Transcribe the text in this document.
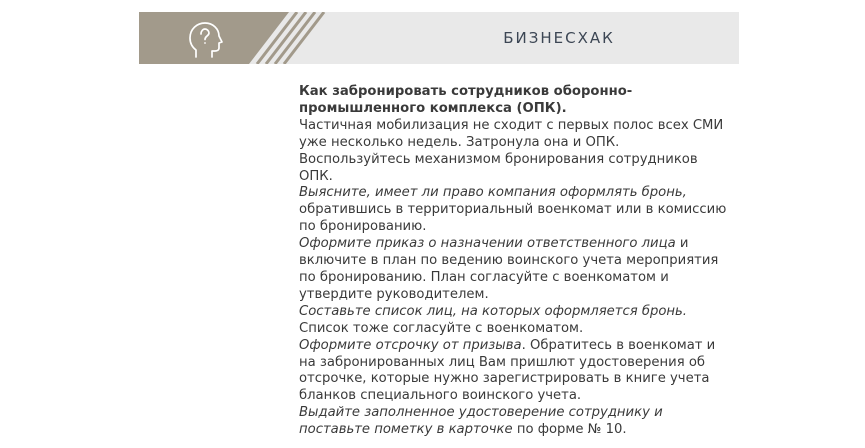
БИЗНЕСХАК

Как забронировать сотрудников оборонно-промышленного комплекса (ОПК).

Частичная мобилизация не сходит с первых полос всех СМИ уже несколько недель. Затронула она и ОПК. Воспользуйтесь механизмом бронирования сотрудников ОПК.

Выясните, имеет ли право компания оформлять бронь, обратившись в территориальный военкомат или в комиссию по бронированию.

Оформите приказ о назначении ответственного лица и включите в план по ведению воинского учета мероприятия по бронированию. План согласуйте с военкоматом и утвердите руководителем.

Составьте список лиц, на которых оформляется бронь. Список тоже согласуйте с военкоматом.

Оформите отсрочку от призыва. Обратитесь в военкомат и на забронированных лиц Вам пришлют удостоверения об отсрочке, которые нужно зарегистрировать в книге учета бланков специального воинского учета.

Выдайте заполненное удостоверение сотруднику и поставьте пометку в карточке по форме № 10.
